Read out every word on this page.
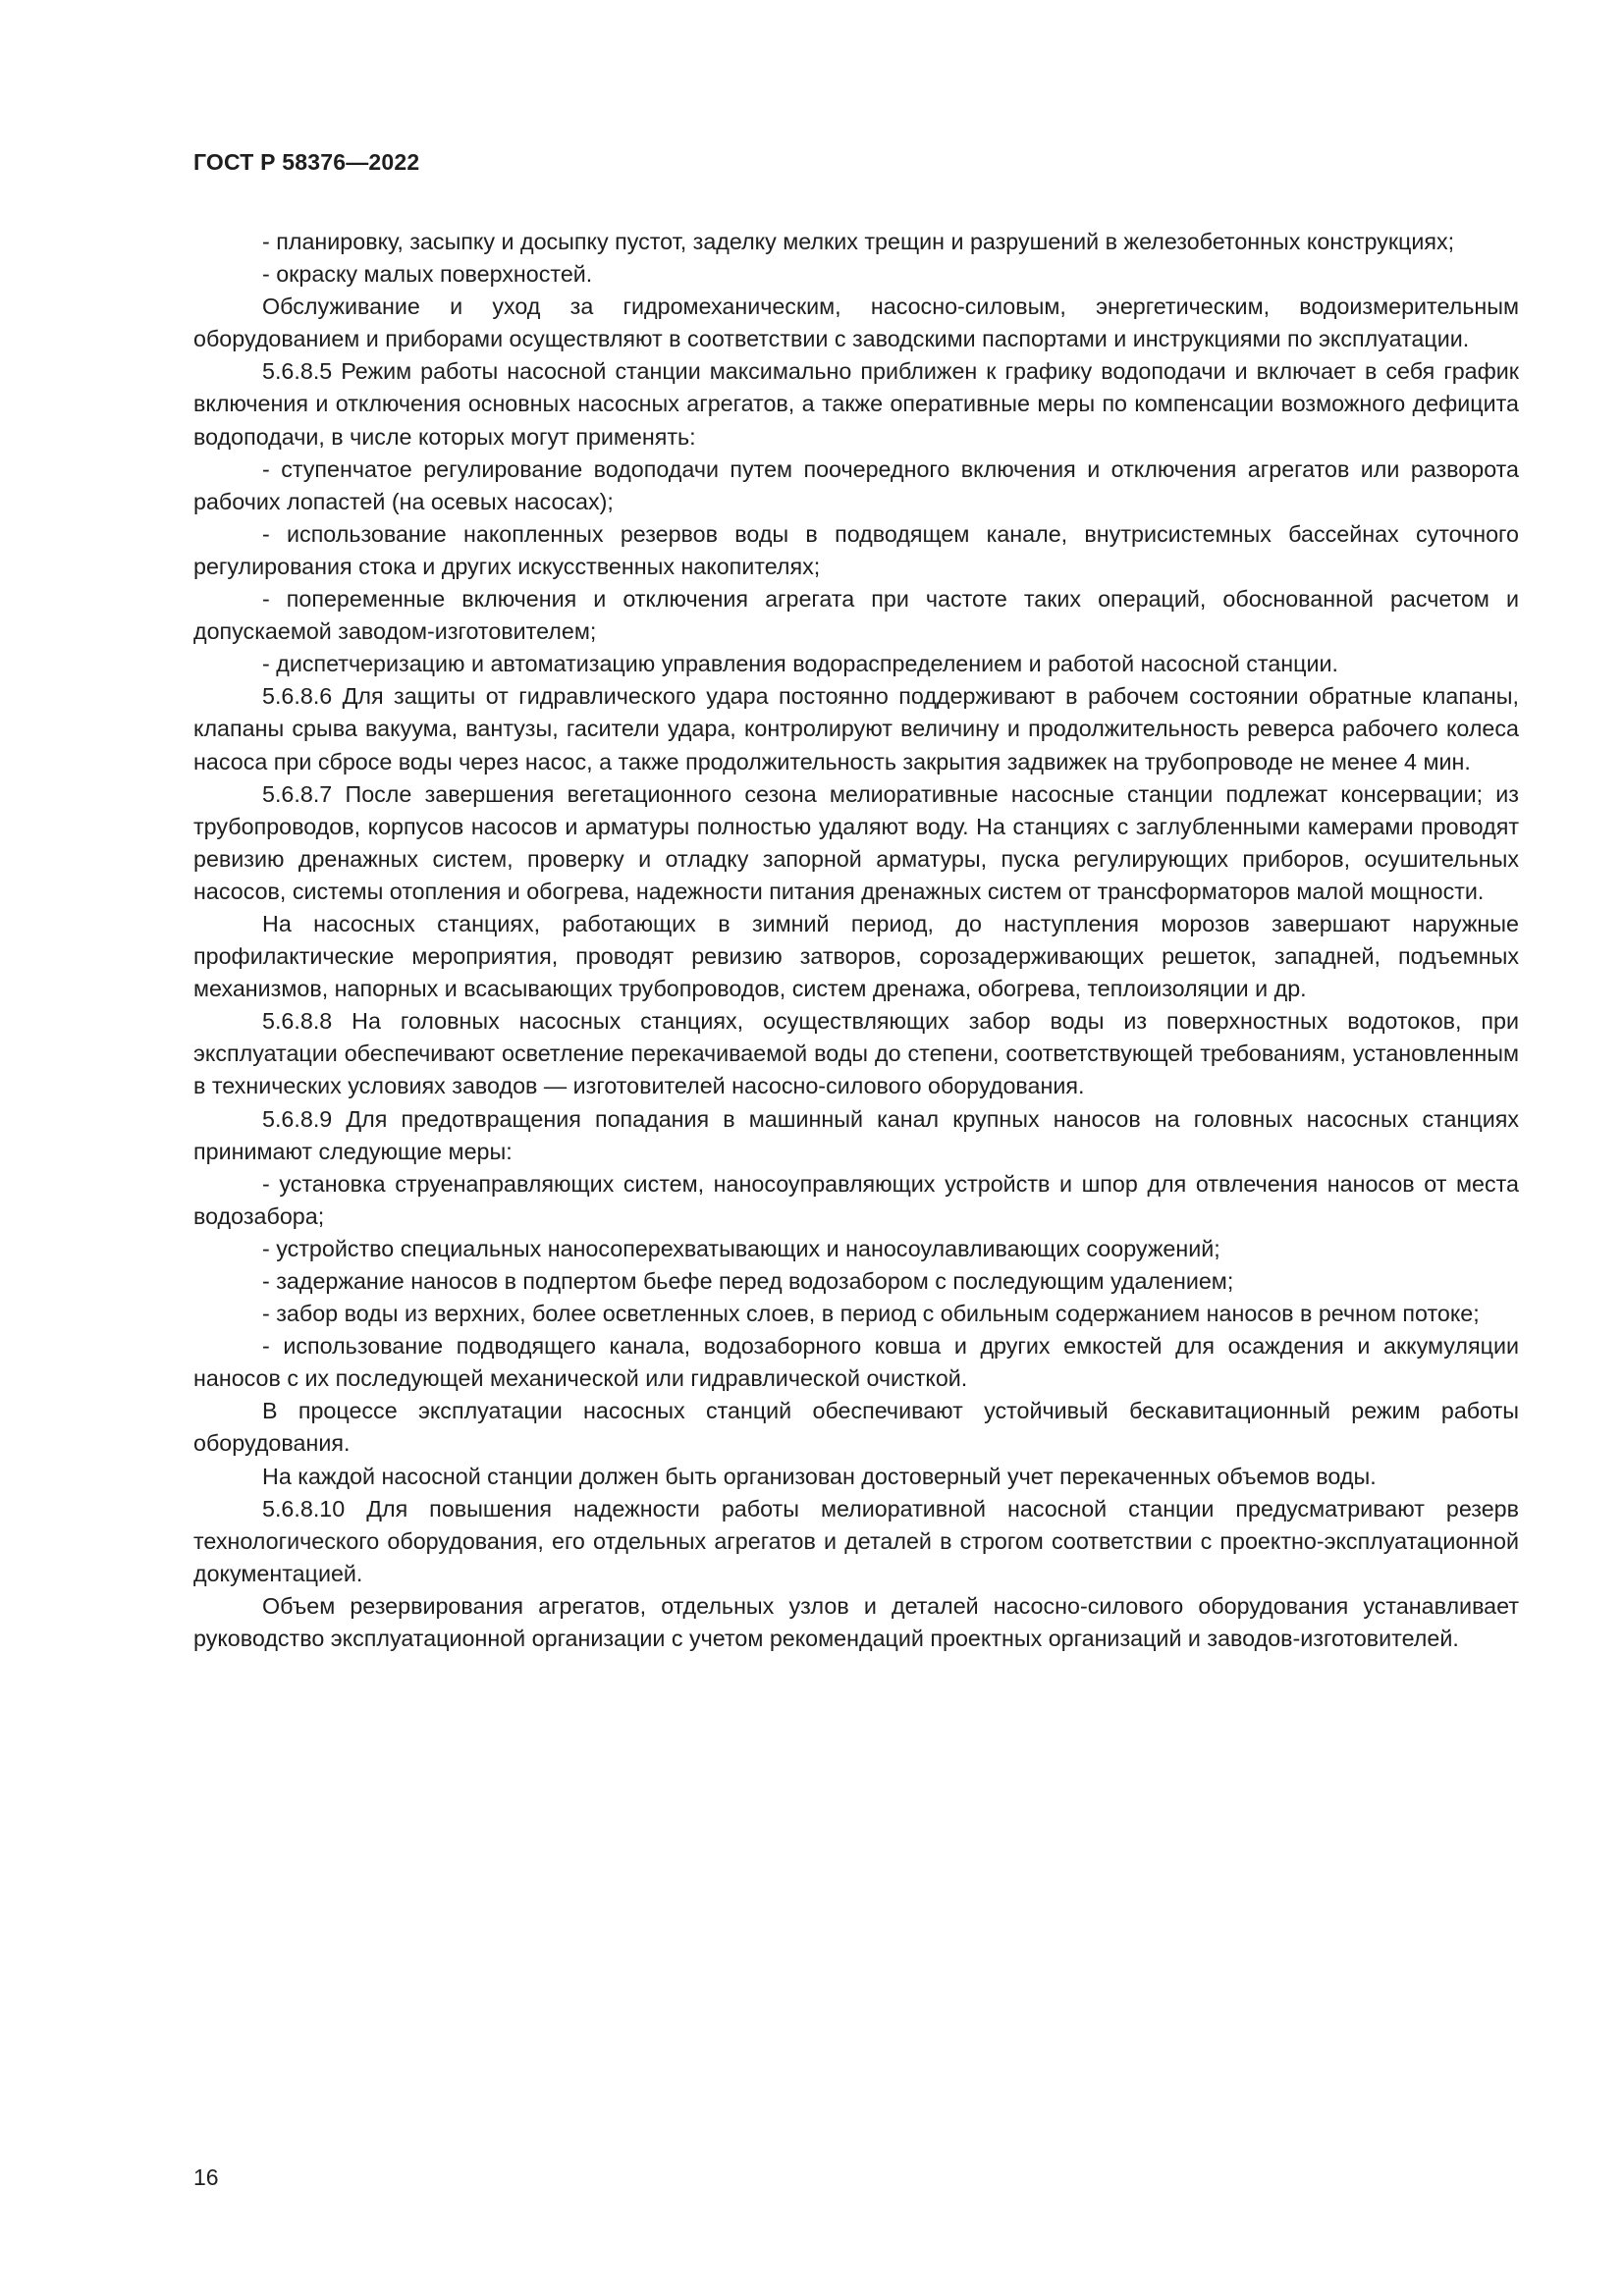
ГОСТ Р 58376—2022

- планировку, засыпку и досыпку пустот, заделку мелких трещин и разрушений в железобетонных конструкциях;

- окраску малых поверхностей.

Обслуживание и уход за гидромеханическим, насосно-силовым, энергетическим, водоизмерительным оборудованием и приборами осуществляют в соответствии с заводскими паспортами и инструкциями по эксплуатации.

5.6.8.5 Режим работы насосной станции максимально приближен к графику водоподачи и включает в себя график включения и отключения основных насосных агрегатов, а также оперативные меры по компенсации возможного дефицита водоподачи, в числе которых могут применять:

- ступенчатое регулирование водоподачи путем поочередного включения и отключения агрегатов или разворота рабочих лопастей (на осевых насосах);

- использование накопленных резервов воды в подводящем канале, внутрисистемных бассейнах суточного регулирования стока и других искусственных накопителях;

- попеременные включения и отключения агрегата при частоте таких операций, обоснованной расчетом и допускаемой заводом-изготовителем;

- диспетчеризацию и автоматизацию управления водораспределением и работой насосной станции.

5.6.8.6 Для защиты от гидравлического удара постоянно поддерживают в рабочем состоянии обратные клапаны, клапаны срыва вакуума, вантузы, гасители удара, контролируют величину и продолжительность реверса рабочего колеса насоса при сбросе воды через насос, а также продолжительность закрытия задвижек на трубопроводе не менее 4 мин.

5.6.8.7 После завершения вегетационного сезона мелиоративные насосные станции подлежат консервации; из трубопроводов, корпусов насосов и арматуры полностью удаляют воду. На станциях с заглубленными камерами проводят ревизию дренажных систем, проверку и отладку запорной арматуры, пуска регулирующих приборов, осушительных насосов, системы отопления и обогрева, надежности питания дренажных систем от трансформаторов малой мощности.

На насосных станциях, работающих в зимний период, до наступления морозов завершают наружные профилактические мероприятия, проводят ревизию затворов, сорозадерживающих решеток, западней, подъемных механизмов, напорных и всасывающих трубопроводов, систем дренажа, обогрева, теплоизоляции и др.

5.6.8.8 На головных насосных станциях, осуществляющих забор воды из поверхностных водотоков, при эксплуатации обеспечивают осветление перекачиваемой воды до степени, соответствующей требованиям, установленным в технических условиях заводов — изготовителей насосно-силового оборудования.

5.6.8.9 Для предотвращения попадания в машинный канал крупных наносов на головных насосных станциях принимают следующие меры:

- установка струенаправляющих систем, наносоуправляющих устройств и шпор для отвлечения наносов от места водозабора;

- устройство специальных наносоперехватывающих и наносоулавливающих сооружений;

- задержание наносов в подпертом бьефе перед водозабором с последующим удалением;

- забор воды из верхних, более осветленных слоев, в период с обильным содержанием наносов в речном потоке;

- использование подводящего канала, водозаборного ковша и других емкостей для осаждения и аккумуляции наносов с их последующей механической или гидравлической очисткой.

В процессе эксплуатации насосных станций обеспечивают устойчивый бескавитационный режим работы оборудования.

На каждой насосной станции должен быть организован достоверный учет перекаченных объемов воды.

5.6.8.10 Для повышения надежности работы мелиоративной насосной станции предусматривают резерв технологического оборудования, его отдельных агрегатов и деталей в строгом соответствии с проектно-эксплуатационной документацией.

Объем резервирования агрегатов, отдельных узлов и деталей насосно-силового оборудования устанавливает руководство эксплуатационной организации с учетом рекомендаций проектных организаций и заводов-изготовителей.

16
